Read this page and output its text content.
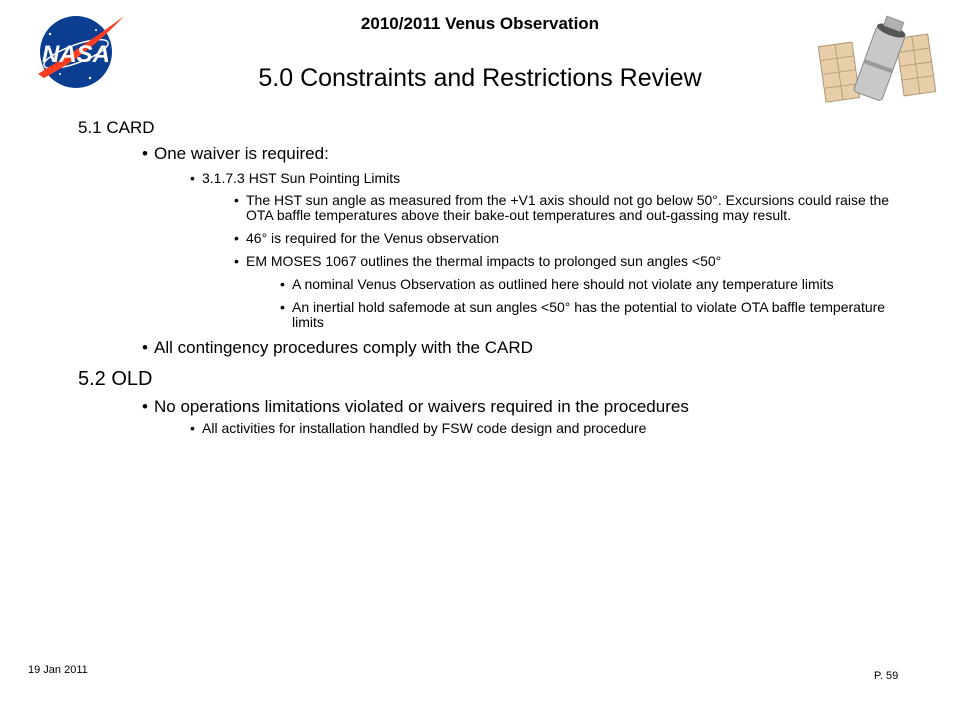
2010/2011 Venus Observation
NASA
5.0 Constraints and Restrictions Review
5.1 CARD
• One waiver is required:
• 3.1.7.3 HST Sun Pointing Limits
• The HST sun angle as measured from the +V1 axis should not go below 50°. Excursions could raise the OTA baffle temperatures above their bake-out temperatures and out-gassing may result.
• 46° is required for the Venus observation
• EM MOSES 1067 outlines the thermal impacts to prolonged sun angles <50°
• A nominal Venus Observation as outlined here should not violate any temperature limits
• An inertial hold safemode at sun angles <50° has the potential to violate OTA baffle temperature limits
• All contingency procedures comply with the CARD
5.2 OLD
• No operations limitations violated or waivers required in the procedures
• All activities for installation handled by FSW code design and procedure
19 Jan 2011	P. 59
